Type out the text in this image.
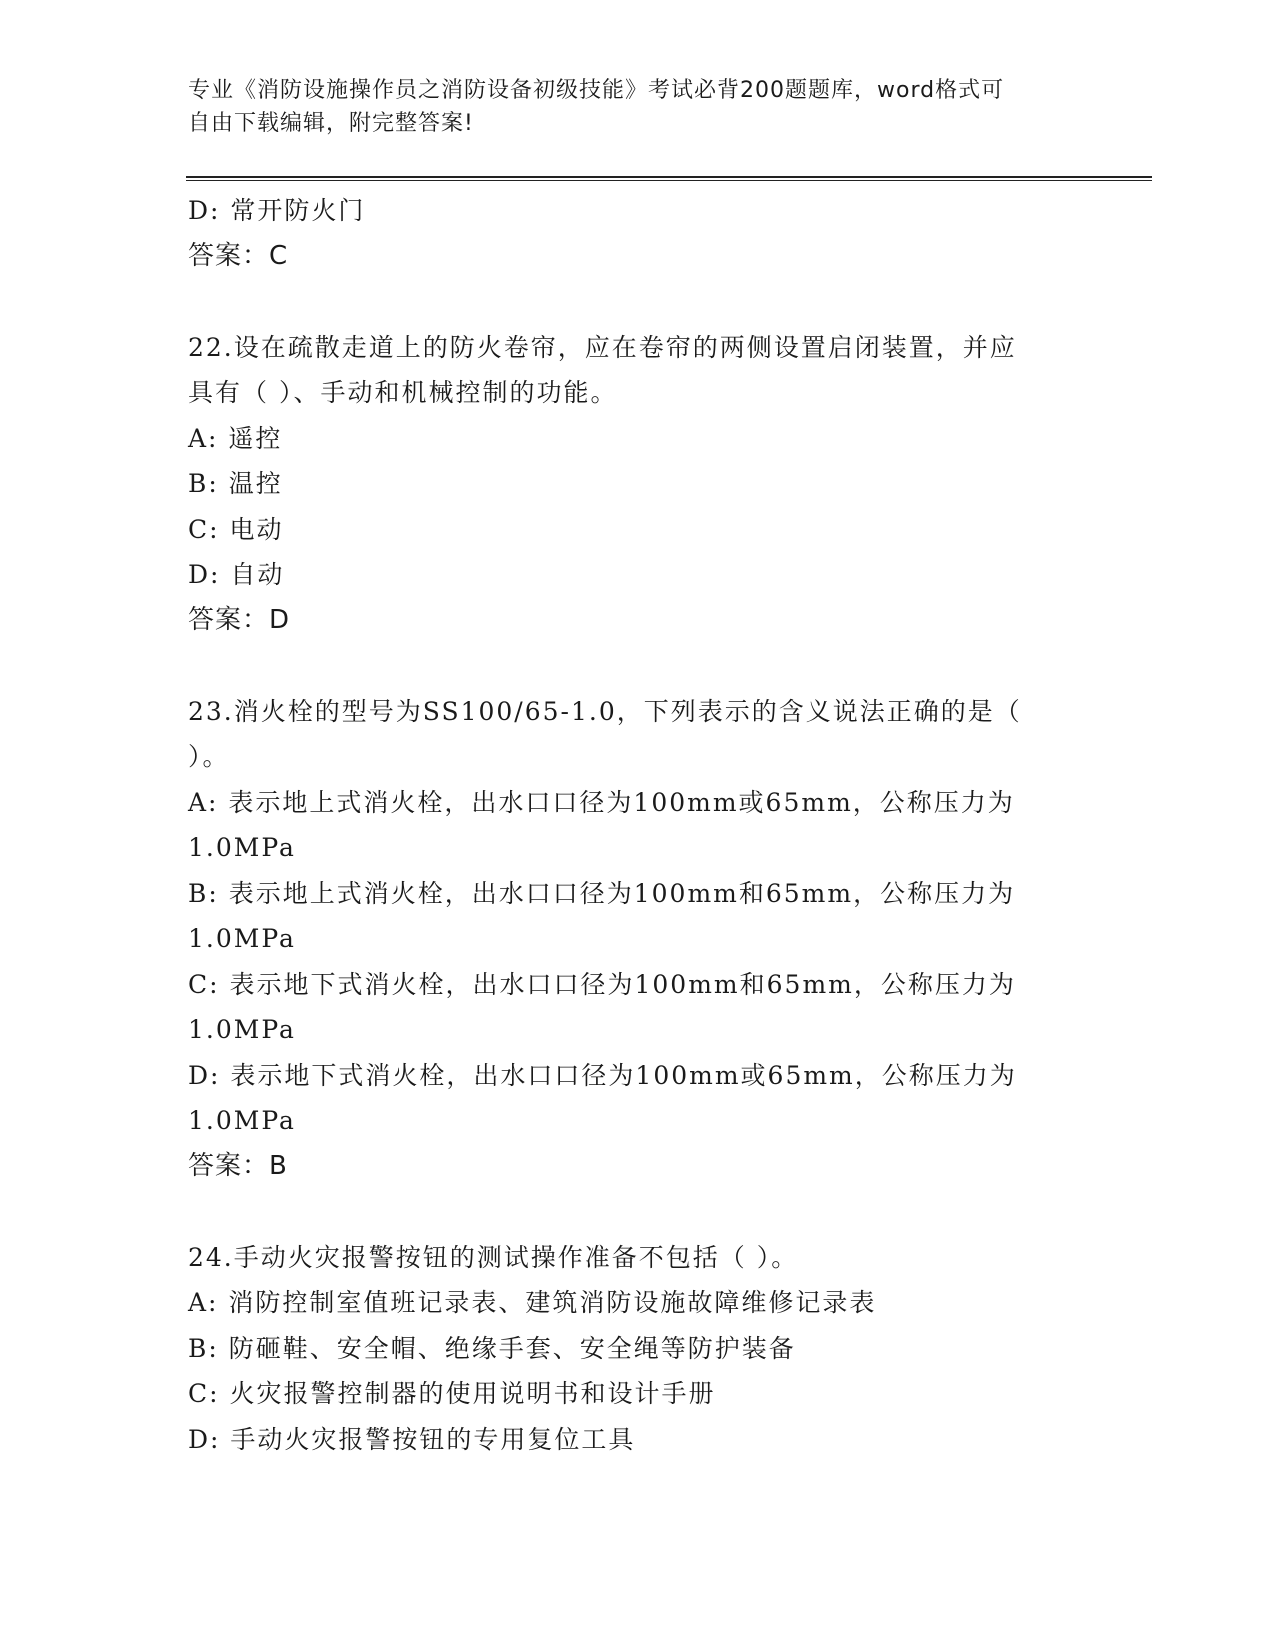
专业《消防设施操作员之消防设备初级技能》考试必背200题题库，word格式可
自由下载编辑，附完整答案!
D: 常开防火门
答案：C
22.设在疏散走道上的防火卷帘，应在卷帘的两侧设置启闭装置，并应
具有（ ）、手动和机械控制的功能。
A: 遥控
B: 温控
C: 电动
D: 自动
答案：D
23.消火栓的型号为SS100/65-1.0，下列表示的含义说法正确的是（
）。
A: 表示地上式消火栓，出水口口径为100mm或65mm，公称压力为
1.0MPa
B: 表示地上式消火栓，出水口口径为100mm和65mm，公称压力为
1.0MPa
C: 表示地下式消火栓，出水口口径为100mm和65mm，公称压力为
1.0MPa
D: 表示地下式消火栓，出水口口径为100mm或65mm，公称压力为
1.0MPa
答案：B
24.手动火灾报警按钮的测试操作准备不包括（ ）。
A: 消防控制室值班记录表、建筑消防设施故障维修记录表
B: 防砸鞋、安全帽、绝缘手套、安全绳等防护装备
C: 火灾报警控制器的使用说明书和设计手册
D: 手动火灾报警按钮的专用复位工具
